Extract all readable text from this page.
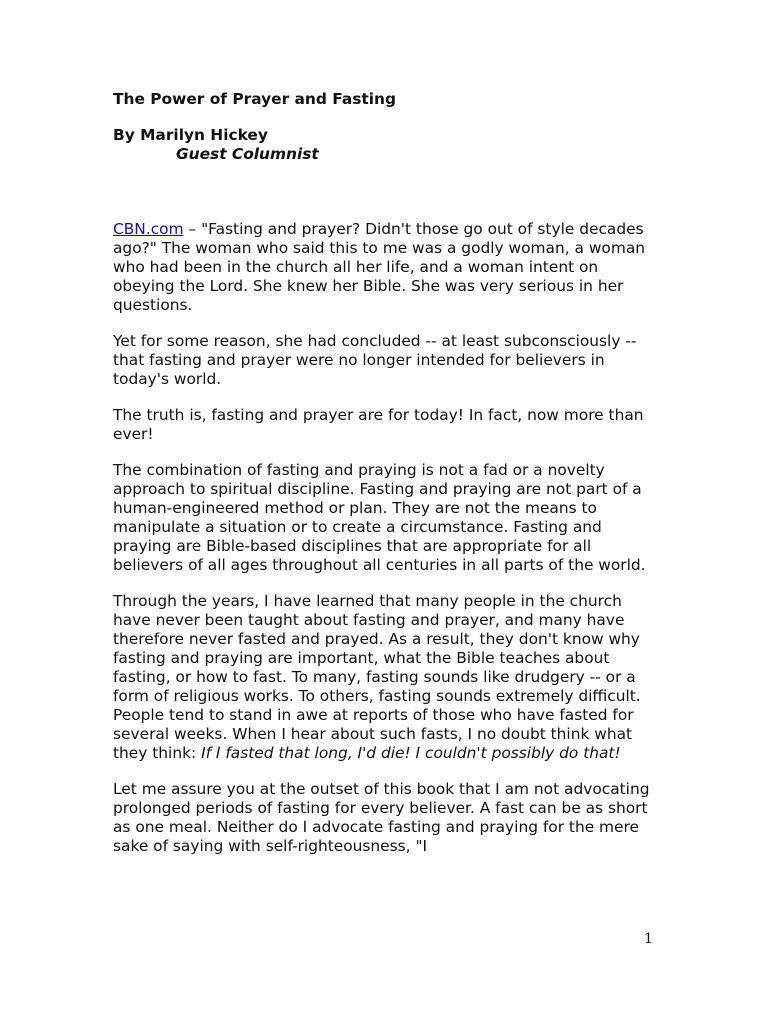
The Power of Prayer and Fasting

By Marilyn Hickey

Guest Columnist

CBN.com – "Fasting and prayer? Didn't those go out of style decades ago?" The woman who said this to me was a godly woman, a woman who had been in the church all her life, and a woman intent on obeying the Lord. She knew her Bible. She was very serious in her questions.

Yet for some reason, she had concluded -- at least subconsciously -- that fasting and prayer were no longer intended for believers in today's world.

The truth is, fasting and prayer are for today! In fact, now more than ever!

The combination of fasting and praying is not a fad or a novelty approach to spiritual discipline. Fasting and praying are not part of a human-engineered method or plan. They are not the means to manipulate a situation or to create a circumstance. Fasting and praying are Bible-based disciplines that are appropriate for all believers of all ages throughout all centuries in all parts of the world.

Through the years, I have learned that many people in the church have never been taught about fasting and prayer, and many have therefore never fasted and prayed. As a result, they don't know why fasting and praying are important, what the Bible teaches about fasting, or how to fast. To many, fasting sounds like drudgery -- or a form of religious works. To others, fasting sounds extremely difficult. People tend to stand in awe at reports of those who have fasted for several weeks. When I hear about such fasts, I no doubt think what they think: If I fasted that long, I'd die! I couldn't possibly do that!

Let me assure you at the outset of this book that I am not advocating prolonged periods of fasting for every believer. A fast can be as short as one meal. Neither do I advocate fasting and praying for the mere sake of saying with self-righteousness, "I

1
